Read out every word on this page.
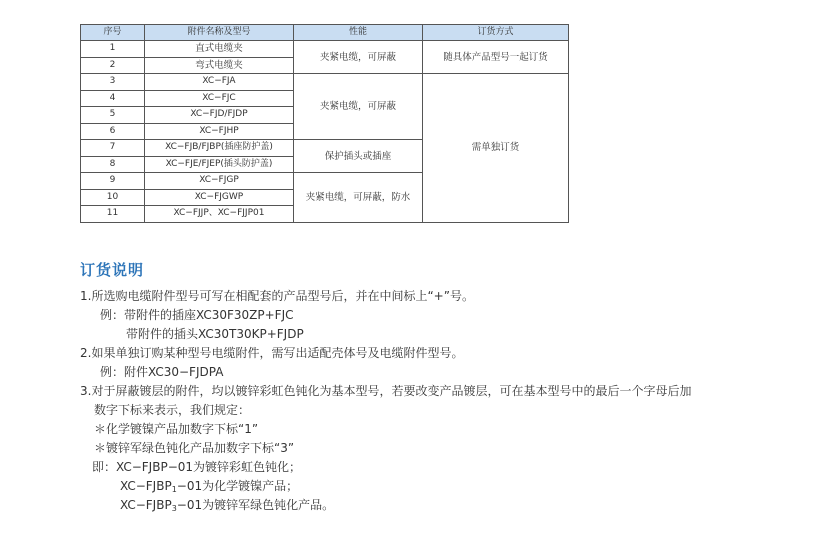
序号	附件名称及型号	性能	订货方式
1	直式电缆夹	夹紧电缆，可屏蔽	随具体产品型号一起订货
2	弯式电缆夹		
3	XC−FJA	夹紧电缆，可屏蔽	需单独订货
4	XC−FJC		
5	XC−FJD/FJDP		
6	XC−FJHP		
7	XC−FJB/FJBP(插座防护盖)	保护插头或插座	
8	XC−FJE/FJEP(插头防护盖)		
9	XC−FJGP	夹紧电缆，可屏蔽，防水	
10	XC−FJGWP		
11	XC−FJJP、XC−FJJP01		
订货说明
1.所选购电缆附件型号可写在相配套的产品型号后，并在中间标上“+”号。
例：带附件的插座XC30F30ZP+FJC
带附件的插头XC30T30KP+FJDP
2.如果单独订购某种型号电缆附件，需写出适配壳体号及电缆附件型号。
例：附件XC30−FJDPA
3.对于屏蔽镀层的附件，均以镀锌彩虹色钝化为基本型号，若要改变产品镀层，可在基本型号中的最后一个字母后加
数字下标来表示，我们规定：
＊化学镀镍产品加数字下标“1”
＊镀锌军绿色钝化产品加数字下标“3”
即：XC−FJBP−01为镀锌彩虹色钝化；
$XC-FJBP_1-01$为化学镀镍产品；
$XC-FJBP_3-01$为镀锌军绿色钝化产品。
